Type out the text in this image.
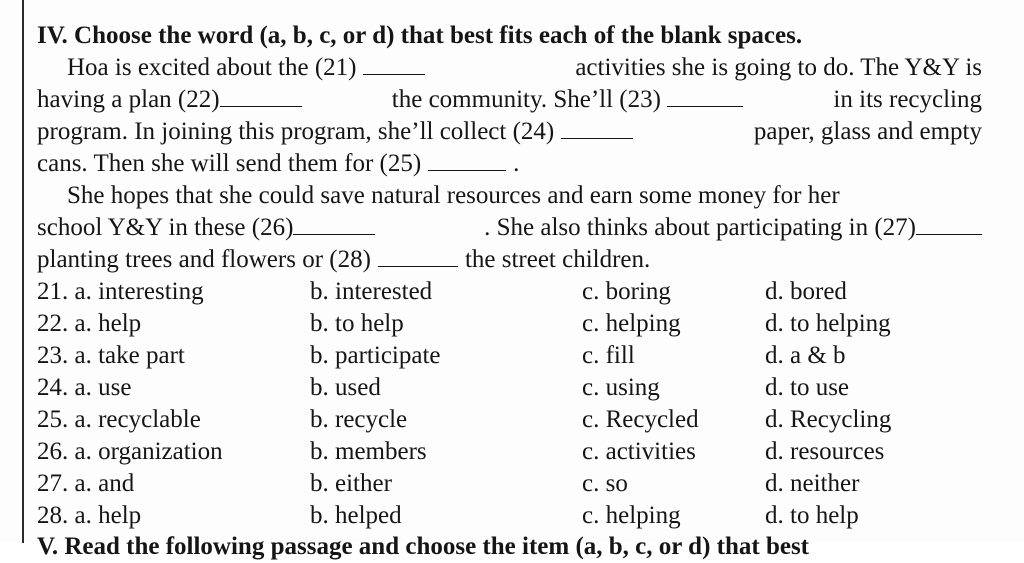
IV. Choose the word (a, b, c, or d) that best fits each of the blank spaces.
Hoa is excited about the (21)	activities she is going to do. The Y&Y is
having a plan (22)	the community. She’ll (23)	in its recycling
program. In joining this program, she’ll collect (24)	paper, glass and empty
cans. Then she will send them for (25)	.
She hopes that she could save natural resources and earn some money for her
school Y&Y in these (26)	. She also thinks about participating in (27)
planting trees and flowers or (28)	the street children.
21. a. interesting	b. interested	c. boring	d. bored
22. a. help	b. to help	c. helping	d. to helping
23. a. take part	b. participate	c. fill	d. a & b
24. a. use	b. used	c. using	d. to use
25. a. recyclable	b. recycle	c. Recycled	d. Recycling
26. a. organization	b. members	c. activities	d. resources
27. a. and	b. either	c. so	d. neither
28. a. help	b. helped	c. helping	d. to help
V. Read the following passage and choose the item (a, b, c, or d) that best
